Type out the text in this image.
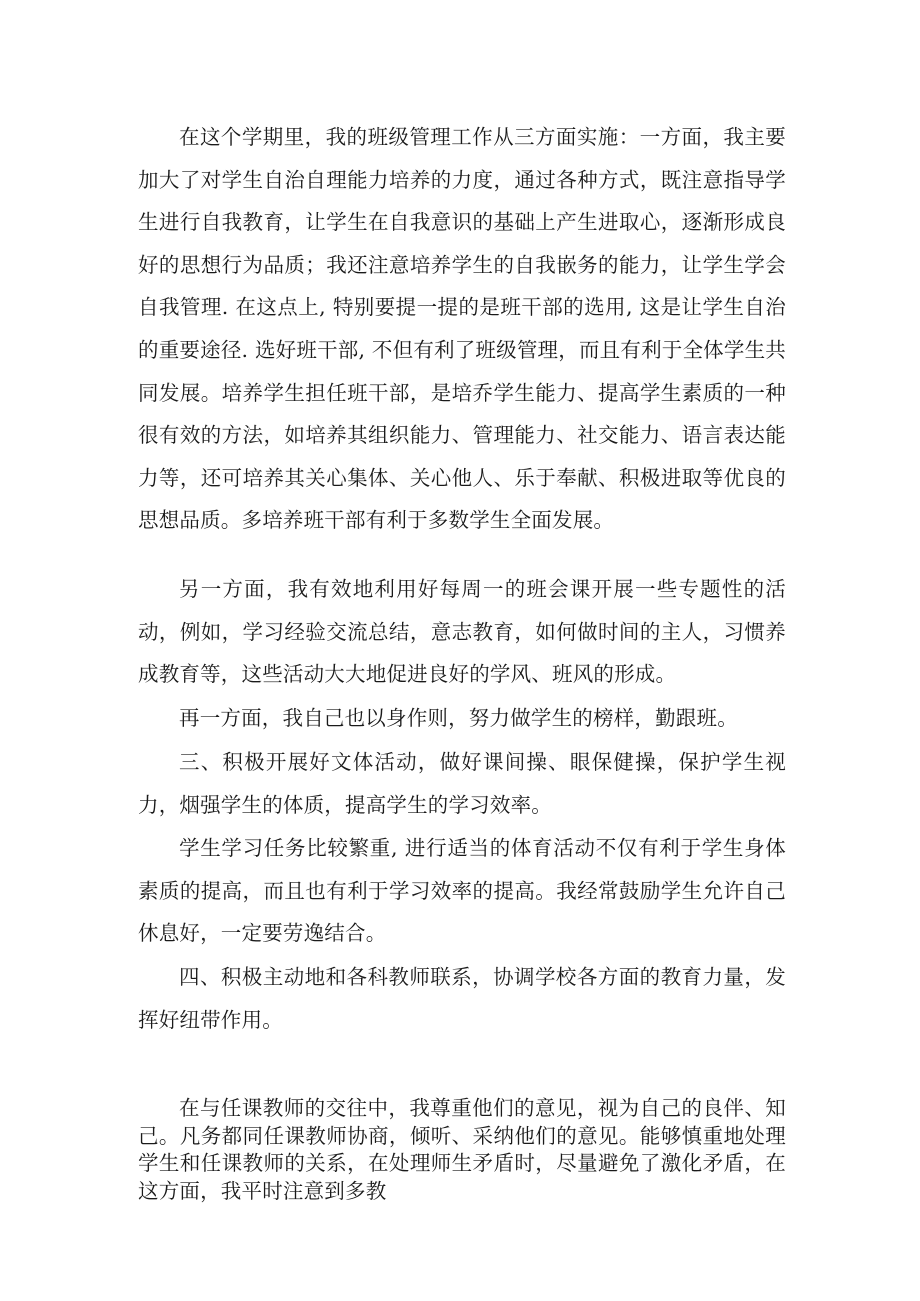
在这个学期里，我的班级管理工作从三方面实施：一方面，我主要加大了对学生自治自理能力培养的力度，通过各种方式，既注意指导学生进行自我教育，让学生在自我意识的基础上产生进取心，逐渐形成良好的思想行为品质；我还注意培养学生的自我嵌务的能力，让学生学会自我管理. 在这点上, 特别要提一提的是班干部的选用, 这是让学生自治的重要途径. 选好班干部, 不但有利了班级管理，而且有利于全体学生共同发展。培养学生担任班干部，是培乔学生能力、提高学生素质的一种很有效的方法，如培养其组织能力、管理能力、社交能力、语言表达能力等，还可培养其关心集体、关心他人、乐于奉献、积极进取等优良的思想品质。多培养班干部有利于多数学生全面发展。

另一方面，我有效地利用好每周一的班会课开展一些专题性的活动，例如，学习经验交流总结，意志教育，如何做时间的主人，习惯养成教育等，这些活动大大地促进良好的学风、班风的形成。

再一方面，我自己也以身作则，努力做学生的榜样，勤跟班。

三、积极开展好文体活动，做好课间操、眼保健操，保护学生视力，烟强学生的体质，提高学生的学习效率。

学生学习任务比较繁重, 进行适当的体育活动不仅有利于学生身体素质的提高，而且也有利于学习效率的提高。我经常鼓励学生允许自己休息好，一定要劳逸结合。

四、积极主动地和各科教师联系，协调学校各方面的教育力量，发挥好纽带作用。

在与任课教师的交往中，我尊重他们的意见，视为自己的良伴、知己。凡务都同任课教师协商，倾听、采纳他们的意见。能够慎重地处理学生和任课教师的关系，在处理师生矛盾时，尽量避免了激化矛盾，在这方面，我平时注意到多教
